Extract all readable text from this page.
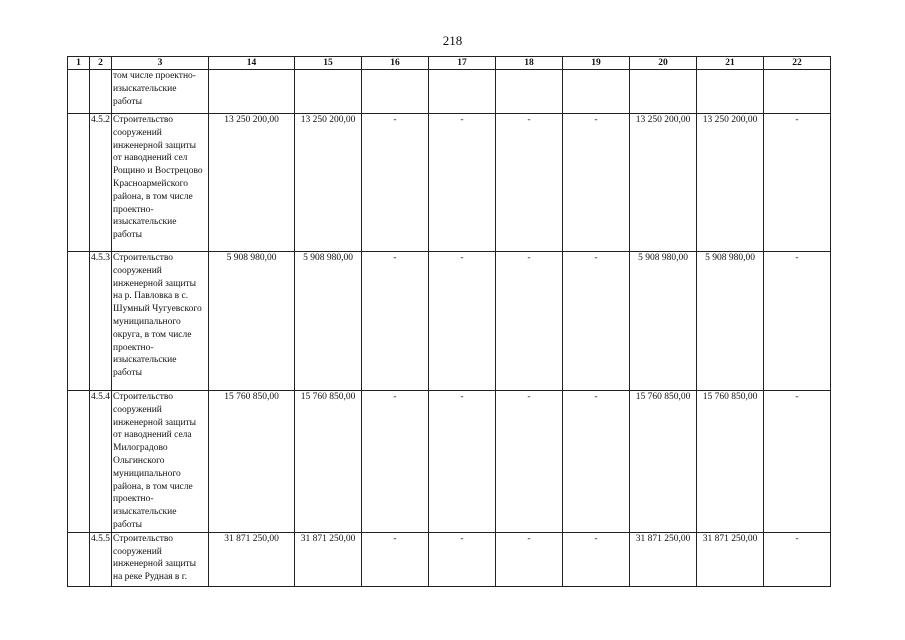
218
1	2	3	14	15	16	17	18	19	20	21	22
		том числе проектно-изыскательские работы									
	4.5.2	Строительство сооружений инженерной защиты от наводнений сел Рощино и Вострецово Красноармейского района, в том числе проектно-изыскательские работы	13 250 200,00	13 250 200,00	-	-	-	-	13 250 200,00	13 250 200,00	-
	4.5.3	Строительство сооружений инженерной защиты на р. Павловка в с. Шумный Чугуевского муниципального округа, в том числе проектно-изыскательские работы	5 908 980,00	5 908 980,00	-	-	-	-	5 908 980,00	5 908 980,00	-
	4.5.4	Строительство сооружений инженерной защиты от наводнений села Милоградово Ольгинского муниципального района, в том числе проектно-изыскательские работы	15 760 850,00	15 760 850,00	-	-	-	-	15 760 850,00	15 760 850,00	-
	4.5.5	Строительство сооружений инженерной защиты на реке Рудная в г.	31 871 250,00	31 871 250,00	-	-	-	-	31 871 250,00	31 871 250,00	-
